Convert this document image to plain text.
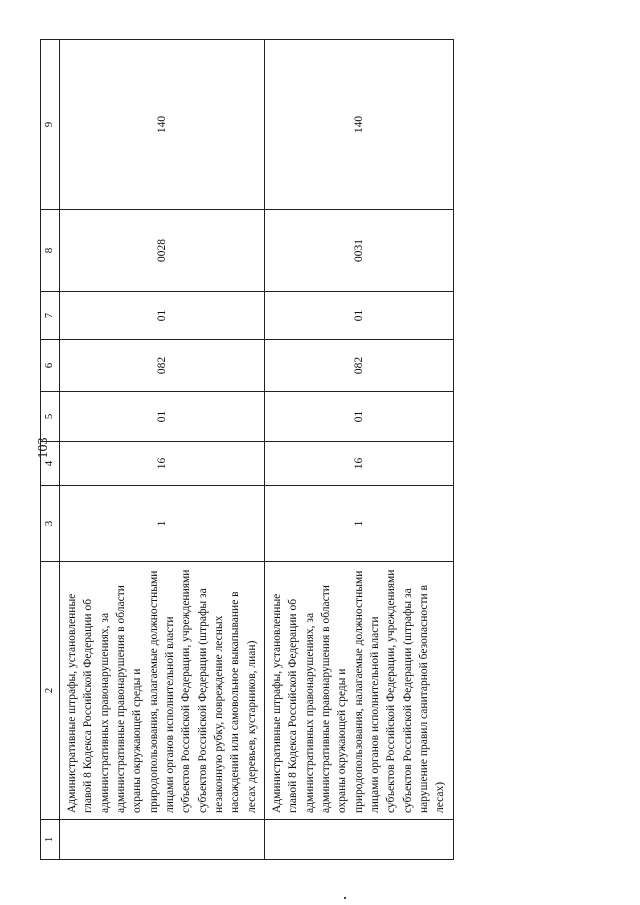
103
1	2	3	4	5	6	7	8	9
	Административные штрафы, установленные главой 8 Кодекса Российской Федерации об административных правонарушениях, за административные правонарушения в области охраны окружающей среды и природопользования, налагаемые должностными лицами органов исполнительной власти субъектов Российской Федерации, учреждениями субъектов Российской Федерации (штрафы за незаконную рубку, повреждение лесных насаждений или самовольное выкапывание в лесах деревьев, кустарников, лиан)	1	16	01	082	01	0028	140
	Административные штрафы, установленные главой 8 Кодекса Российской Федерации об административных правонарушениях, за административные правонарушения в области охраны окружающей среды и природопользования, налагаемые должностными лицами органов исполнительной власти субъектов Российской Федерации, учреждениями субъектов Российской Федерации (штрафы за нарушение правил санитарной безопасности в лесах)	1	16	01	082	01	0031	140
